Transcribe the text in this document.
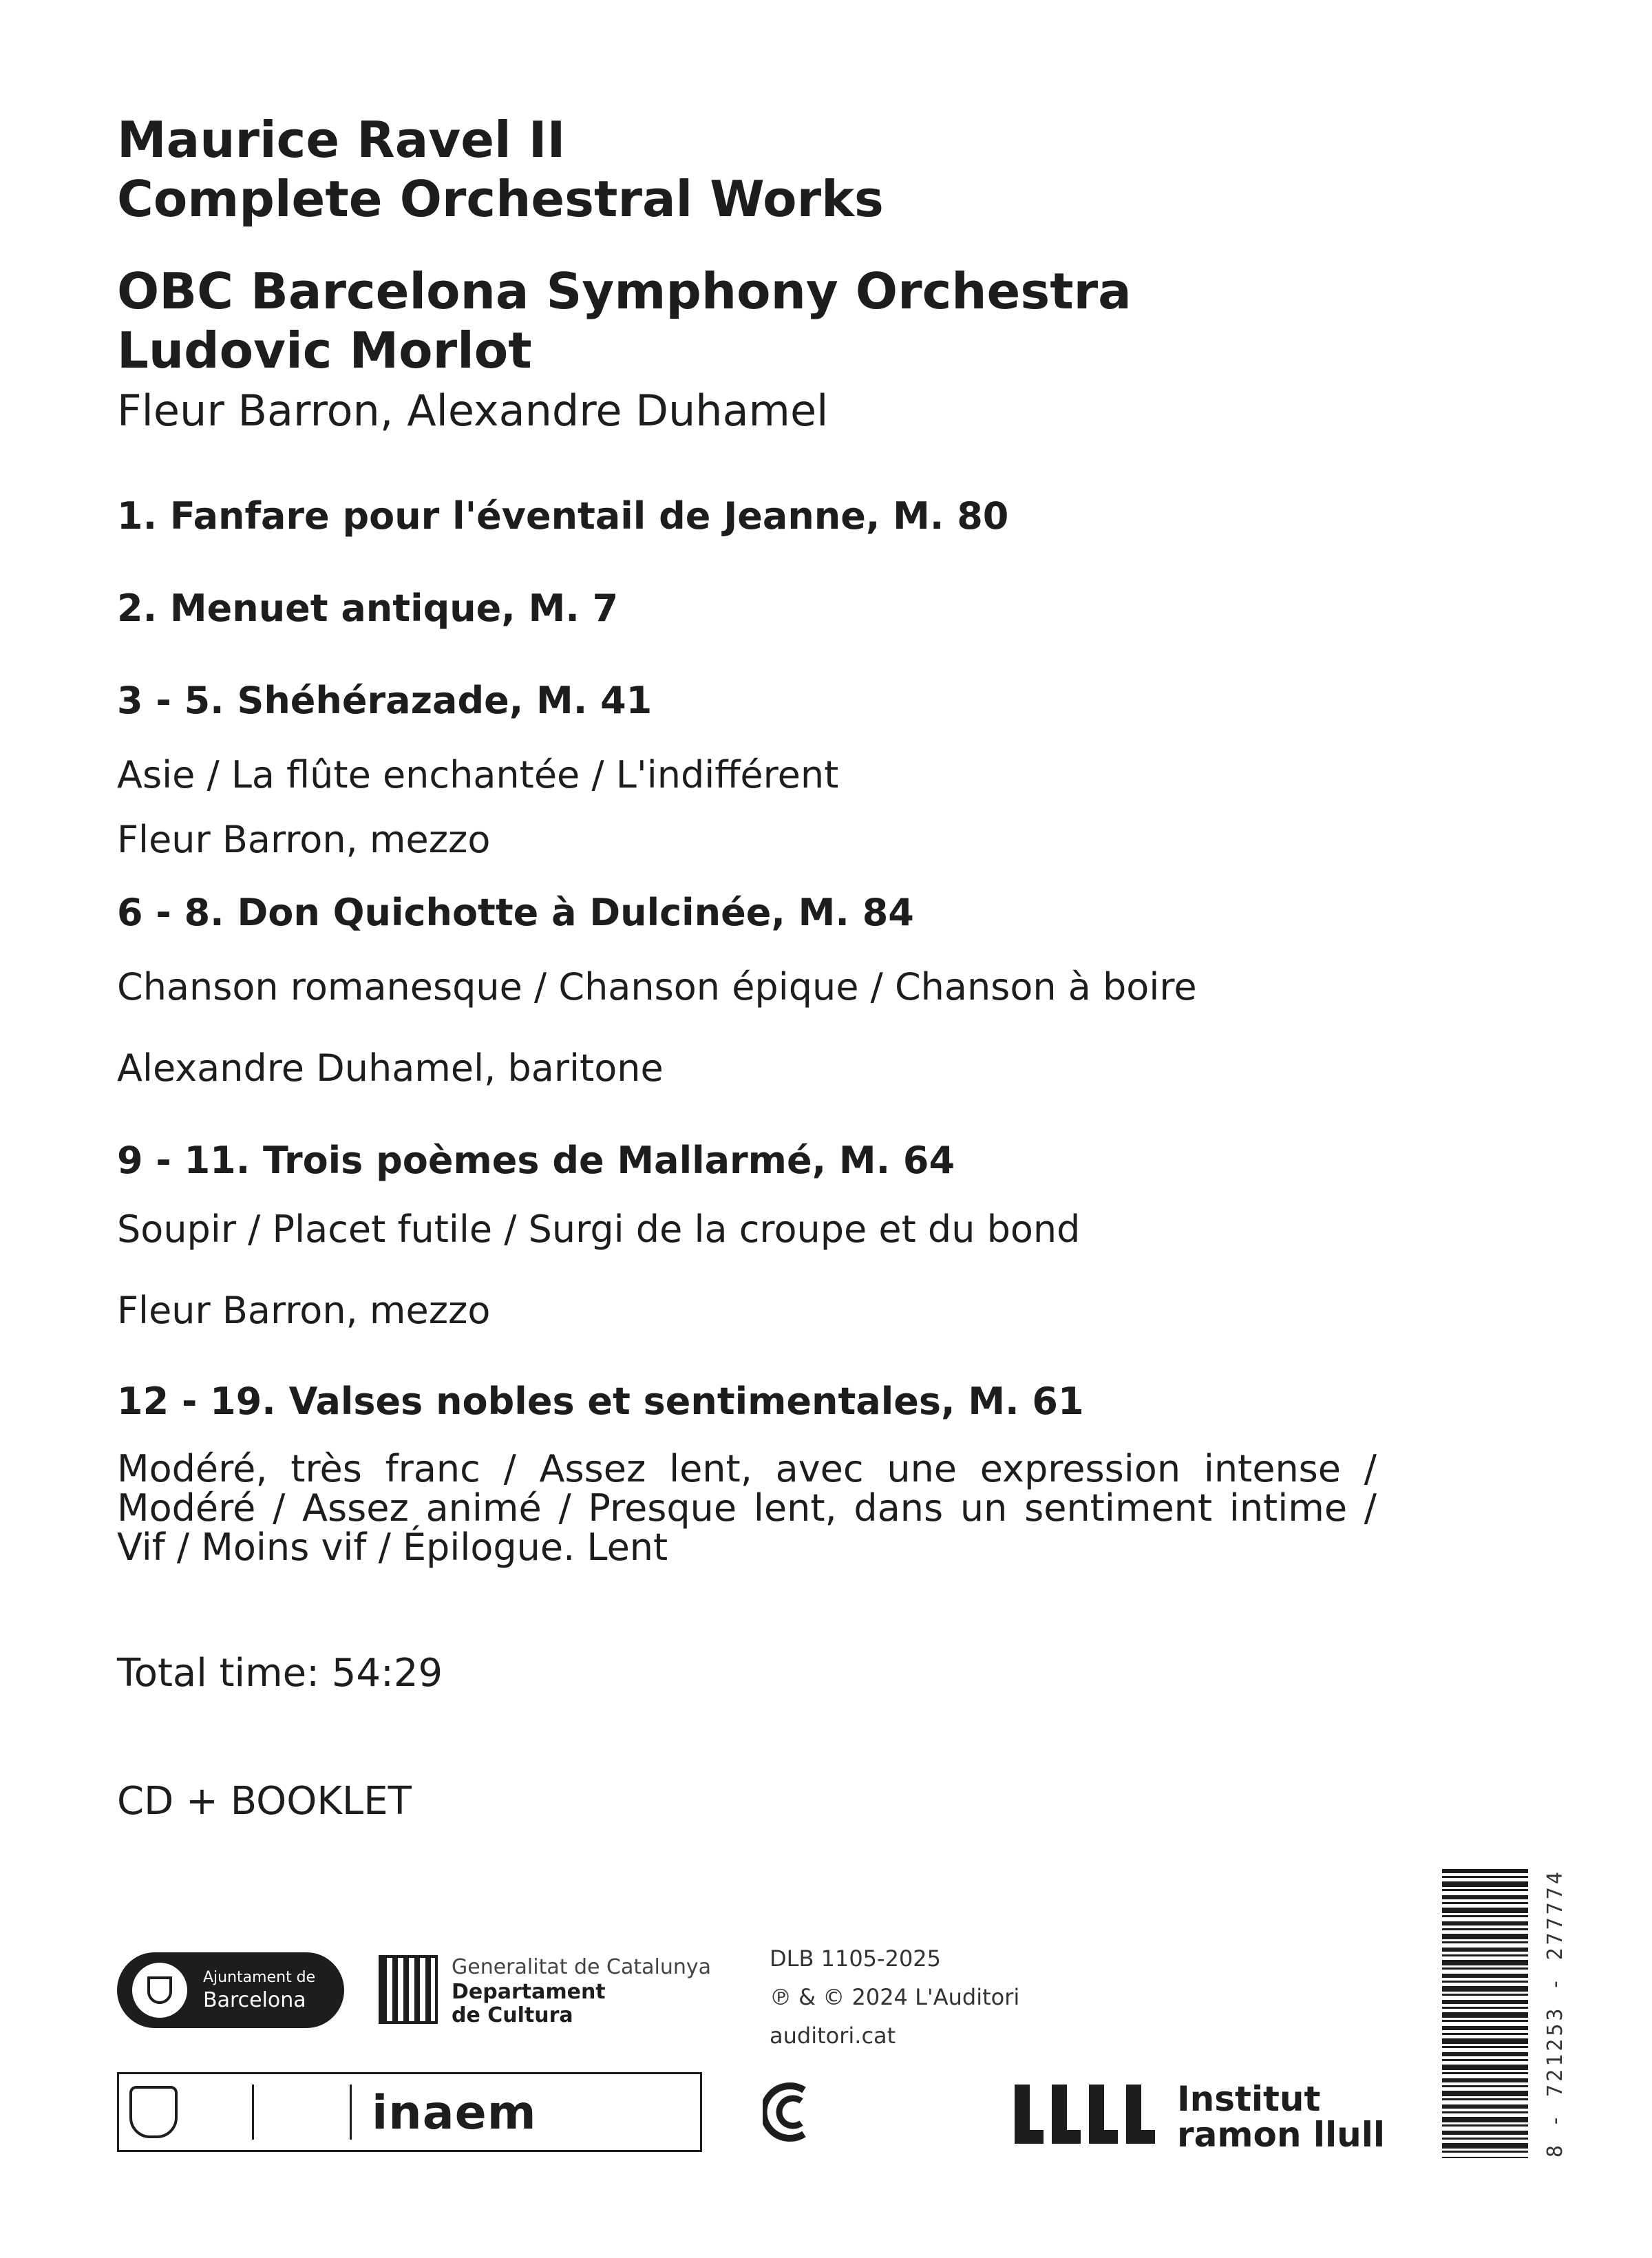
Maurice Ravel II

Complete Orchestral Works

OBC Barcelona Symphony Orchestra

Ludovic Morlot

Fleur Barron, Alexandre Duhamel
1. Fanfare pour l'éventail de Jeanne, M. 80
2. Menuet antique, M. 7
3 - 5. Shéhérazade, M. 41
Asie / La flûte enchantée / L'indifférent
Fleur Barron, mezzo
6 - 8. Don Quichotte à Dulcinée, M. 84
Chanson romanesque / Chanson épique / Chanson à boire
Alexandre Duhamel, baritone
9 - 11. Trois poèmes de Mallarmé, M. 64
Soupir / Placet futile / Surgi de la croupe et du bond
Fleur Barron, mezzo
12 - 19. Valses nobles et sentimentales, M. 61
Modéré, très franc / Assez lent, avec une expression intense / Modéré / Assez animé / Presque lent, dans un sentiment intime / Vif / Moins vif / Épilogue. Lent
Total time: 54:29
CD + BOOKLET
Ajuntament de
Barcelona
Generalitat de Catalunya
Departament
de Cultura
DLB 1105-2025
℗ & © 2024 L'Auditori
auditori.cat
inaem	Institut
ramon llull	8 - 721253 - 277774
